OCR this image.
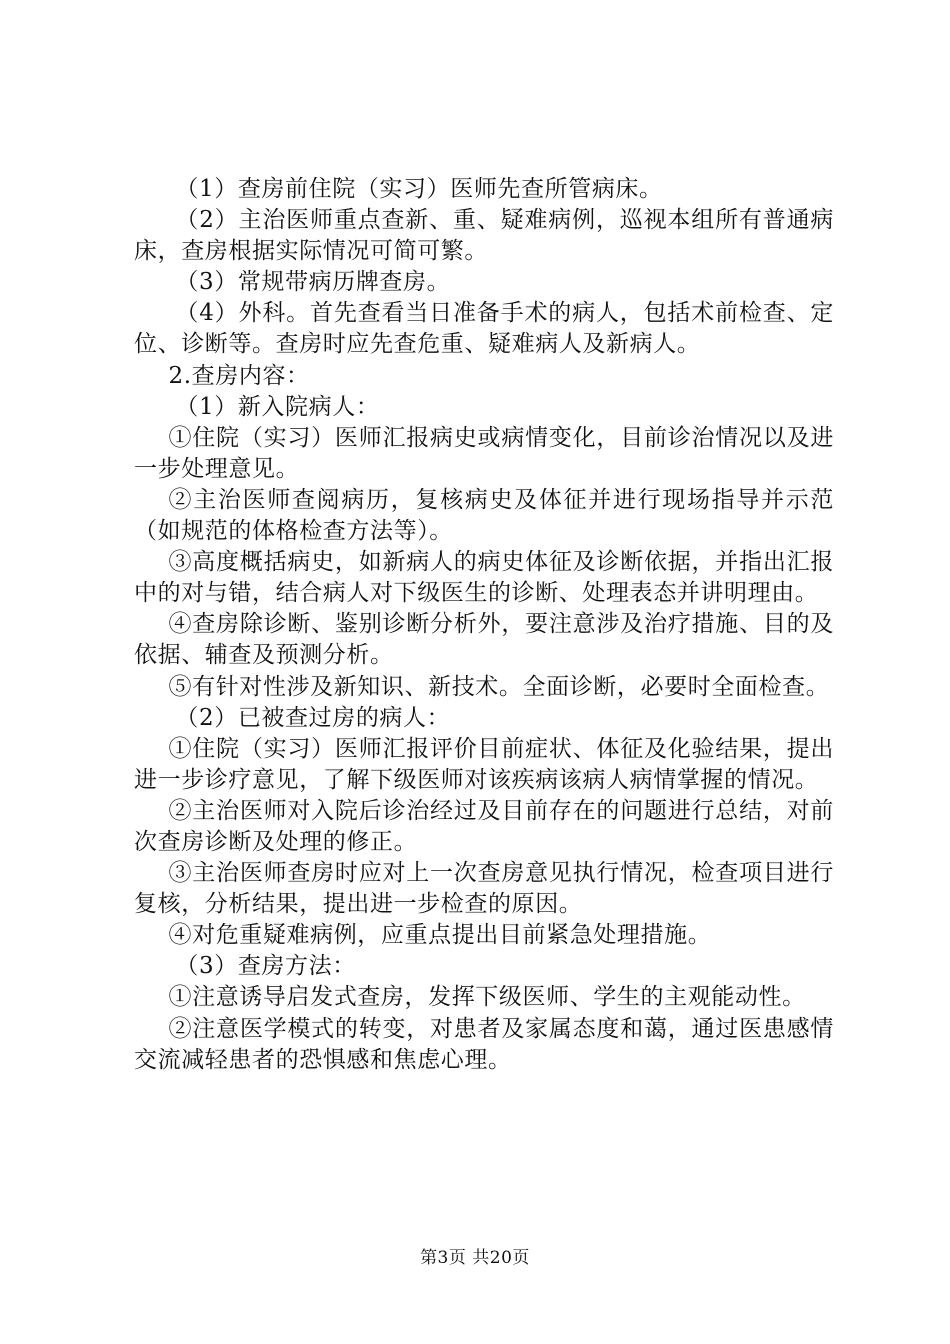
（1）查房前住院（实习）医师先查所管病床。

（2）主治医师重点查新、重、疑难病例，巡视本组所有普通病床，查房根据实际情况可简可繁。

（3）常规带病历牌查房。

（4）外科。首先查看当日准备手术的病人，包括术前检查、定位、诊断等。查房时应先查危重、疑难病人及新病人。

2.查房内容：

（1）新入院病人：

①住院（实习）医师汇报病史或病情变化，目前诊治情况以及进一步处理意见。

②主治医师查阅病历，复核病史及体征并进行现场指导并示范（如规范的体格检查方法等）。

③高度概括病史，如新病人的病史体征及诊断依据，并指出汇报中的对与错，结合病人对下级医生的诊断、处理表态并讲明理由。

④查房除诊断、鉴别诊断分析外，要注意涉及治疗措施、目的及依据、辅查及预测分析。

⑤有针对性涉及新知识、新技术。全面诊断，必要时全面检查。

（2）已被查过房的病人：

①住院（实习）医师汇报评价目前症状、体征及化验结果，提出进一步诊疗意见，了解下级医师对该疾病该病人病情掌握的情况。

②主治医师对入院后诊治经过及目前存在的问题进行总结，对前次查房诊断及处理的修正。

③主治医师查房时应对上一次查房意见执行情况，检查项目进行复核，分析结果，提出进一步检查的原因。

④对危重疑难病例，应重点提出目前紧急处理措施。

（3）查房方法：

①注意诱导启发式查房，发挥下级医师、学生的主观能动性。

②注意医学模式的转变，对患者及家属态度和蔼，通过医患感情交流减轻患者的恐惧感和焦虑心理。

第3页 共20页
